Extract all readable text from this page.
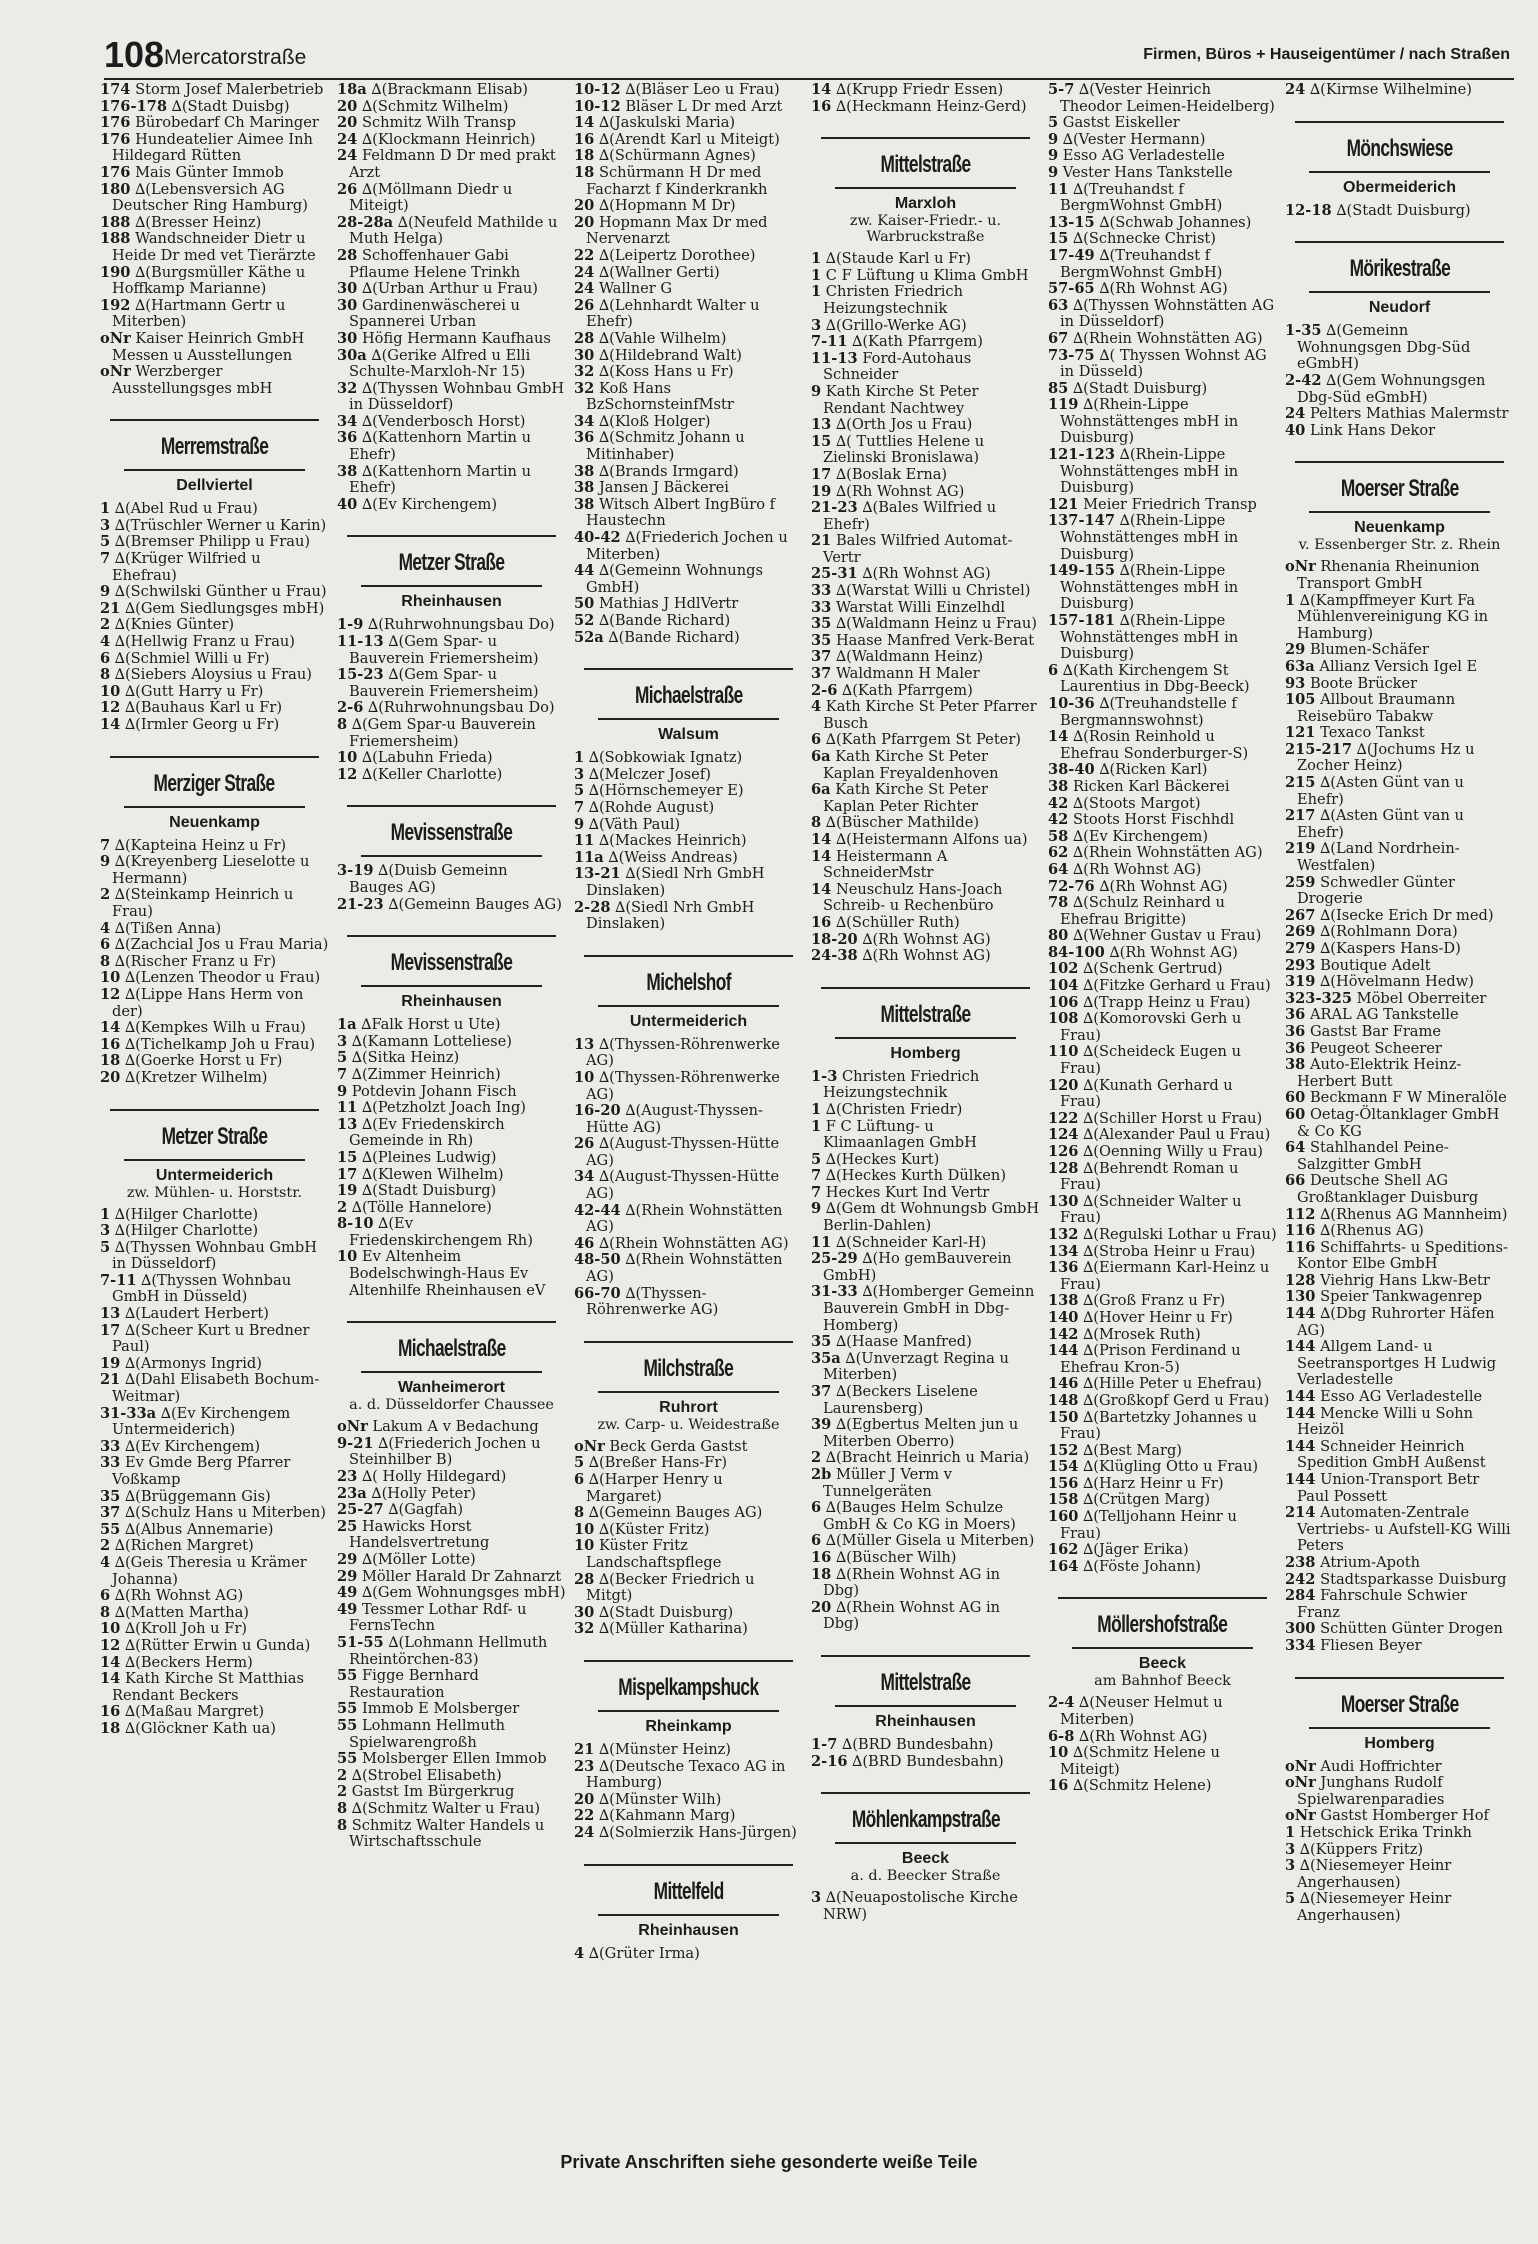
108 Mercatorstraße	Firmen, Büros + Hauseigentümer / nach Straßen
174 Storm Josef Malerbetrieb
176-178 ∆(Stadt Duisbg)
176 Bürobedarf Ch Maringer
176 Hundeatelier Aimee Inh Hildegard Rütten
176 Mais Günter Immob
180 ∆(Lebensversich AG Deutscher Ring Hamburg)
188 ∆(Bresser Heinz)
188 Wandschneider Dietr u Heide Dr med vet Tierärzte
190 ∆(Burgsmüller Käthe u Hoffkamp Marianne)
192 ∆(Hartmann Gertr u Miterben)
oNr Kaiser Heinrich GmbH Messen u Ausstellungen
oNr Werzberger Ausstellungsges mbH
Merremstraße
Dellviertel
1 ∆(Abel Rud u Frau)
3 ∆(Trüschler Werner u Karin)
5 ∆(Bremser Philipp u Frau)
7 ∆(Krüger Wilfried u Ehefrau)
9 ∆(Schwilski Günther u Frau)
21 ∆(Gem Siedlungsges mbH)
2 ∆(Knies Günter)
4 ∆(Hellwig Franz u Frau)
6 ∆(Schmiel Willi u Fr)
8 ∆(Siebers Aloysius u Frau)
10 ∆(Gutt Harry u Fr)
12 ∆(Bauhaus Karl u Fr)
14 ∆(Irmler Georg u Fr)
Merziger Straße
Neuenkamp
7 ∆(Kapteina Heinz u Fr)
9 ∆(Kreyenberg Lieselotte u Hermann)
2 ∆(Steinkamp Heinrich u Frau)
4 ∆(Tißen Anna)
6 ∆(Zachcial Jos u Frau Maria)
8 ∆(Rischer Franz u Fr)
10 ∆(Lenzen Theodor u Frau)
12 ∆(Lippe Hans Herm von der)
14 ∆(Kempkes Wilh u Frau)
16 ∆(Tichelkamp Joh u Frau)
18 ∆(Goerke Horst u Fr)
20 ∆(Kretzer Wilhelm)
Metzer Straße
Untermeiderich
zw. Mühlen- u. Horststr.
1 ∆(Hilger Charlotte)
3 ∆(Hilger Charlotte)
5 ∆(Thyssen Wohnbau GmbH in Düsseldorf)
7-11 ∆(Thyssen Wohnbau GmbH in Düsseld)
13 ∆(Laudert Herbert)
17 ∆(Scheer Kurt u Bredner Paul)
19 ∆(Armonys Ingrid)
21 ∆(Dahl Elisabeth Bochum-Weitmar)
31-33a ∆(Ev Kirchengem Untermeiderich)
33 ∆(Ev Kirchengem)
33 Ev Gmde Berg Pfarrer Voßkamp
35 ∆(Brüggemann Gis)
37 ∆(Schulz Hans u Miterben)
55 ∆(Albus Annemarie)
2 ∆(Richen Margret)
4 ∆(Geis Theresia u Krämer Johanna)
6 ∆(Rh Wohnst AG)
8 ∆(Matten Martha)
10 ∆(Kroll Joh u Fr)
12 ∆(Rütter Erwin u Gunda)
14 ∆(Beckers Herm)
14 Kath Kirche St Matthias Rendant Beckers
16 ∆(Maßau Margret)
18 ∆(Glöckner Kath ua)
18a ∆(Brackmann Elisab)
20 ∆(Schmitz Wilhelm)
20 Schmitz Wilh Transp
24 ∆(Klockmann Heinrich)
24 Feldmann D Dr med prakt Arzt
26 ∆(Möllmann Diedr u Miteigt)
28-28a ∆(Neufeld Mathilde u Muth Helga)
28 Schoffenhauer Gabi Pflaume Helene Trinkh
30 ∆(Urban Arthur u Frau)
30 Gardinenwäscherei u Spannerei Urban
30 Höfig Hermann Kaufhaus
30a ∆(Gerike Alfred u Elli Schulte-Marxloh-Nr 15)
32 ∆(Thyssen Wohnbau GmbH in Düsseldorf)
34 ∆(Venderbosch Horst)
36 ∆(Kattenhorn Martin u Ehefr)
38 ∆(Kattenhorn Martin u Ehefr)
40 ∆(Ev Kirchengem)
Metzer Straße
Rheinhausen
1-9 ∆(Ruhrwohnungsbau Do)
11-13 ∆(Gem Spar- u Bauverein Friemersheim)
15-23 ∆(Gem Spar- u Bauverein Friemersheim)
2-6 ∆(Ruhrwohnungsbau Do)
8 ∆(Gem Spar-u Bauverein Friemersheim)
10 ∆(Labuhn Frieda)
12 ∆(Keller Charlotte)
Mevissenstraße
3-19 ∆(Duisb Gemeinn Bauges AG)
21-23 ∆(Gemeinn Bauges AG)
Mevissenstraße
Rheinhausen
1a ∆Falk Horst u Ute)
3 ∆(Kamann Lotteliese)
5 ∆(Sitka Heinz)
7 ∆(Zimmer Heinrich)
9 Potdevin Johann Fisch
11 ∆(Petzholzt Joach Ing)
13 ∆(Ev Friedenskirch Gemeinde in Rh)
15 ∆(Pleines Ludwig)
17 ∆(Klewen Wilhelm)
19 ∆(Stadt Duisburg)
2 ∆(Tölle Hannelore)
8-10 ∆(Ev Friedenskirchengem Rh)
10 Ev Altenheim Bodelschwingh-Haus Ev Altenhilfe Rheinhausen eV
Michaelstraße
Wanheimerort
a. d. Düsseldorfer Chaussee
oNr Lakum A v Bedachung
9-21 ∆(Friederich Jochen u Steinhilber B)
23 ∆( Holly Hildegard)
23a ∆(Holly Peter)
25-27 ∆(Gagfah)
25 Hawicks Horst Handelsvertretung
29 ∆(Möller Lotte)
29 Möller Harald Dr Zahnarzt
49 ∆(Gem Wohnungsges mbH)
49 Tessmer Lothar Rdf- u FernsTechn
51-55 ∆(Lohmann Hellmuth Rheintörchen-83)
55 Figge Bernhard Restauration
55 Immob E Molsberger
55 Lohmann Hellmuth Spielwarengroßh
55 Molsberger Ellen Immob
2 ∆(Strobel Elisabeth)
2 Gastst Im Bürgerkrug
8 ∆(Schmitz Walter u Frau)
8 Schmitz Walter Handels u Wirtschaftsschule
10-12 ∆(Bläser Leo u Frau)
10-12 Bläser L Dr med Arzt
14 ∆(Jaskulski Maria)
16 ∆(Arendt Karl u Miteigt)
18 ∆(Schürmann Agnes)
18 Schürmann H Dr med Facharzt f Kinderkrankh
20 ∆(Hopmann M Dr)
20 Hopmann Max Dr med Nervenarzt
22 ∆(Leipertz Dorothee)
24 ∆(Wallner Gerti)
24 Wallner G
26 ∆(Lehnhardt Walter u Ehefr)
28 ∆(Vahle Wilhelm)
30 ∆(Hildebrand Walt)
32 ∆(Koss Hans u Fr)
32 Koß Hans BzSchornsteinfMstr
34 ∆(Kloß Holger)
36 ∆(Schmitz Johann u Mitinhaber)
38 ∆(Brands Irmgard)
38 Jansen J Bäckerei
38 Witsch Albert IngBüro f Haustechn
40-42 ∆(Friederich Jochen u Miterben)
44 ∆(Gemeinn Wohnungs GmbH)
50 Mathias J HdlVertr
52 ∆(Bande Richard)
52a ∆(Bande Richard)
Michaelstraße
Walsum
1 ∆(Sobkowiak Ignatz)
3 ∆(Melczer Josef)
5 ∆(Hörnschemeyer E)
7 ∆(Rohde August)
9 ∆(Väth Paul)
11 ∆(Mackes Heinrich)
11a ∆(Weiss Andreas)
13-21 ∆(Siedl Nrh GmbH Dinslaken)
2-28 ∆(Siedl Nrh GmbH Dinslaken)
Michelshof
Untermeiderich
13 ∆(Thyssen-Röhrenwerke AG)
10 ∆(Thyssen-Röhrenwerke AG)
16-20 ∆(August-Thyssen-Hütte AG)
26 ∆(August-Thyssen-Hütte AG)
34 ∆(August-Thyssen-Hütte AG)
42-44 ∆(Rhein Wohnstätten AG)
46 ∆(Rhein Wohnstätten AG)
48-50 ∆(Rhein Wohnstätten AG)
66-70 ∆(Thyssen-Röhrenwerke AG)
Milchstraße
Ruhrort
zw. Carp- u. Weidestraße
oNr Beck Gerda Gastst
5 ∆(Breßer Hans-Fr)
6 ∆(Harper Henry u Margaret)
8 ∆(Gemeinn Bauges AG)
10 ∆(Küster Fritz)
10 Küster Fritz Landschaftspflege
28 ∆(Becker Friedrich u Mitgt)
30 ∆(Stadt Duisburg)
32 ∆(Müller Katharina)
Mispelkampshuck
Rheinkamp
21 ∆(Münster Heinz)
23 ∆(Deutsche Texaco AG in Hamburg)
20 ∆(Münster Wilh)
22 ∆(Kahmann Marg)
24 ∆(Solmierzik Hans-Jürgen)
Mittelfeld
Rheinhausen
4 ∆(Grüter Irma)
14 ∆(Krupp Friedr Essen)
16 ∆(Heckmann Heinz-Gerd)
Mittelstraße
Marxloh
zw. Kaiser-Friedr.- u. Warbruckstraße
1 ∆(Staude Karl u Fr)
1 C F Lüftung u Klima GmbH
1 Christen Friedrich Heizungstechnik
3 ∆(Grillo-Werke AG)
7-11 ∆(Kath Pfarrgem)
11-13 Ford-Autohaus Schneider
9 Kath Kirche St Peter Rendant Nachtwey
13 ∆(Orth Jos u Frau)
15 ∆( Tuttlies Helene u Zielinski Bronislawa)
17 ∆(Boslak Erna)
19 ∆(Rh Wohnst AG)
21-23 ∆(Bales Wilfried u Ehefr)
21 Bales Wilfried Automat-Vertr
25-31 ∆(Rh Wohnst AG)
33 ∆(Warstat Willi u Christel)
33 Warstat Willi Einzelhdl
35 ∆(Waldmann Heinz u Frau)
35 Haase Manfred Verk-Berat
37 ∆(Waldmann Heinz)
37 Waldmann H Maler
2-6 ∆(Kath Pfarrgem)
4 Kath Kirche St Peter Pfarrer Busch
6 ∆(Kath Pfarrgem St Peter)
6a Kath Kirche St Peter Kaplan Freyaldenhoven
6a Kath Kirche St Peter Kaplan Peter Richter
8 ∆(Büscher Mathilde)
14 ∆(Heistermann Alfons ua)
14 Heistermann A SchneiderMstr
14 Neuschulz Hans-Joach Schreib- u Rechenbüro
16 ∆(Schüller Ruth)
18-20 ∆(Rh Wohnst AG)
24-38 ∆(Rh Wohnst AG)
Mittelstraße
Homberg
1-3 Christen Friedrich Heizungstechnik
1 ∆(Christen Friedr)
1 F C Lüftung- u Klimaanlagen GmbH
5 ∆(Heckes Kurt)
7 ∆(Heckes Kurth Dülken)
7 Heckes Kurt Ind Vertr
9 ∆(Gem dt Wohnungsb GmbH Berlin-Dahlen)
11 ∆(Schneider Karl-H)
25-29 ∆(Ho gemBauverein GmbH)
31-33 ∆(Homberger Gemeinn Bauverein GmbH in Dbg-Homberg)
35 ∆(Haase Manfred)
35a ∆(Unverzagt Regina u Miterben)
37 ∆(Beckers Liselene Laurensberg)
39 ∆(Egbertus Melten jun u Miterben Oberro)
2 ∆(Bracht Heinrich u Maria)
2b Müller J Verm v Tunnelgeräten
6 ∆(Bauges Helm Schulze GmbH & Co KG in Moers)
6 ∆(Müller Gisela u Miterben)
16 ∆(Büscher Wilh)
18 ∆(Rhein Wohnst AG in Dbg)
20 ∆(Rhein Wohnst AG in Dbg)
Mittelstraße
Rheinhausen
1-7 ∆(BRD Bundesbahn)
2-16 ∆(BRD Bundesbahn)
Möhlenkampstraße
Beeck
a. d. Beecker Straße
3 ∆(Neuapostolische Kirche NRW)
5-7 ∆(Vester Heinrich Theodor Leimen-Heidelberg)
5 Gastst Eiskeller
9 ∆(Vester Hermann)
9 Esso AG Verladestelle
9 Vester Hans Tankstelle
11 ∆(Treuhandst f BergmWohnst GmbH)
13-15 ∆(Schwab Johannes)
15 ∆(Schnecke Christ)
17-49 ∆(Treuhandst f BergmWohnst GmbH)
57-65 ∆(Rh Wohnst AG)
63 ∆(Thyssen Wohnstätten AG in Düsseldorf)
67 ∆(Rhein Wohnstätten AG)
73-75 ∆( Thyssen Wohnst AG in Düsseld)
85 ∆(Stadt Duisburg)
119 ∆(Rhein-Lippe Wohnstättenges mbH in Duisburg)
121-123 ∆(Rhein-Lippe Wohnstättenges mbH in Duisburg)
121 Meier Friedrich Transp
137-147 ∆(Rhein-Lippe Wohnstättenges mbH in Duisburg)
149-155 ∆(Rhein-Lippe Wohnstättenges mbH in Duisburg)
157-181 ∆(Rhein-Lippe Wohnstättenges mbH in Duisburg)
6 ∆(Kath Kirchengem St Laurentius in Dbg-Beeck)
10-36 ∆(Treuhandstelle f Bergmannswohnst)
14 ∆(Rosin Reinhold u Ehefrau Sonderburger-S)
38-40 ∆(Ricken Karl)
38 Ricken Karl Bäckerei
42 ∆(Stoots Margot)
42 Stoots Horst Fischhdl
58 ∆(Ev Kirchengem)
62 ∆(Rhein Wohnstätten AG)
64 ∆(Rh Wohnst AG)
72-76 ∆(Rh Wohnst AG)
78 ∆(Schulz Reinhard u Ehefrau Brigitte)
80 ∆(Wehner Gustav u Frau)
84-100 ∆(Rh Wohnst AG)
102 ∆(Schenk Gertrud)
104 ∆(Fitzke Gerhard u Frau)
106 ∆(Trapp Heinz u Frau)
108 ∆(Komorovski Gerh u Frau)
110 ∆(Scheideck Eugen u Frau)
120 ∆(Kunath Gerhard u Frau)
122 ∆(Schiller Horst u Frau)
124 ∆(Alexander Paul u Frau)
126 ∆(Oenning Willy u Frau)
128 ∆(Behrendt Roman u Frau)
130 ∆(Schneider Walter u Frau)
132 ∆(Regulski Lothar u Frau)
134 ∆(Stroba Heinr u Frau)
136 ∆(Eiermann Karl-Heinz u Frau)
138 ∆(Groß Franz u Fr)
140 ∆(Hover Heinr u Fr)
142 ∆(Mrosek Ruth)
144 ∆(Prison Ferdinand u Ehefrau Kron-5)
146 ∆(Hille Peter u Ehefrau)
148 ∆(Großkopf Gerd u Frau)
150 ∆(Bartetzky Johannes u Frau)
152 ∆(Best Marg)
154 ∆(Klügling Otto u Frau)
156 ∆(Harz Heinr u Fr)
158 ∆(Crütgen Marg)
160 ∆(Telljohann Heinr u Frau)
162 ∆(Jäger Erika)
164 ∆(Föste Johann)
Möllershofstraße
Beeck
am Bahnhof Beeck
2-4 ∆(Neuser Helmut u Miterben)
6-8 ∆(Rh Wohnst AG)
10 ∆(Schmitz Helene u Miteigt)
16 ∆(Schmitz Helene)
24 ∆(Kirmse Wilhelmine)
Mönchswiese
Obermeiderich
12-18 ∆(Stadt Duisburg)
Mörikestraße
Neudorf
1-35 ∆(Gemeinn Wohnungsgen Dbg-Süd eGmbH)
2-42 ∆(Gem Wohnungsgen Dbg-Süd eGmbH)
24 Pelters Mathias Malermstr
40 Link Hans Dekor
Moerser Straße
Neuenkamp
v. Essenberger Str. z. Rhein
oNr Rhenania Rheinunion Transport GmbH
1 ∆(Kampffmeyer Kurt Fa Mühlenvereinigung KG in Hamburg)
29 Blumen-Schäfer
63a Allianz Versich Igel E
93 Boote Brücker
105 Allbout Braumann Reisebüro Tabakw
121 Texaco Tankst
215-217 ∆(Jochums Hz u Zocher Heinz)
215 ∆(Asten Günt van u Ehefr)
217 ∆(Asten Günt van u Ehefr)
219 ∆(Land Nordrhein-Westfalen)
259 Schwedler Günter Drogerie
267 ∆(Isecke Erich Dr med)
269 ∆(Rohlmann Dora)
279 ∆(Kaspers Hans-D)
293 Boutique Adelt
319 ∆(Hövelmann Hedw)
323-325 Möbel Oberreiter
36 ARAL AG Tankstelle
36 Gastst Bar Frame
36 Peugeot Scheerer
38 Auto-Elektrik Heinz-Herbert Butt
60 Beckmann F W Mineralöle
60 Oetag-Öltanklager GmbH & Co KG
64 Stahlhandel Peine-Salzgitter GmbH
66 Deutsche Shell AG Großtanklager Duisburg
112 ∆(Rhenus AG Mannheim)
116 ∆(Rhenus AG)
116 Schiffahrts- u Speditions-Kontor Elbe GmbH
128 Viehrig Hans Lkw-Betr
130 Speier Tankwagenrep
144 ∆(Dbg Ruhrorter Häfen AG)
144 Allgem Land- u Seetransportges H Ludwig Verladestelle
144 Esso AG Verladestelle
144 Mencke Willi u Sohn Heizöl
144 Schneider Heinrich Spedition GmbH Außenst
144 Union-Transport Betr Paul Possett
214 Automaten-Zentrale Vertriebs- u Aufstell-KG Willi Peters
238 Atrium-Apoth
242 Stadtsparkasse Duisburg
284 Fahrschule Schwier Franz
300 Schütten Günter Drogen
334 Fliesen Beyer
Moerser Straße
Homberg
oNr Audi Hoffrichter
oNr Junghans Rudolf Spielwarenparadies
oNr Gastst Homberger Hof
1 Hetschick Erika Trinkh
3 ∆(Küppers Fritz)
3 ∆(Niesemeyer Heinr Angerhausen)
5 ∆(Niesemeyer Heinr Angerhausen)
Private Anschriften siehe gesonderte weiße Teile
